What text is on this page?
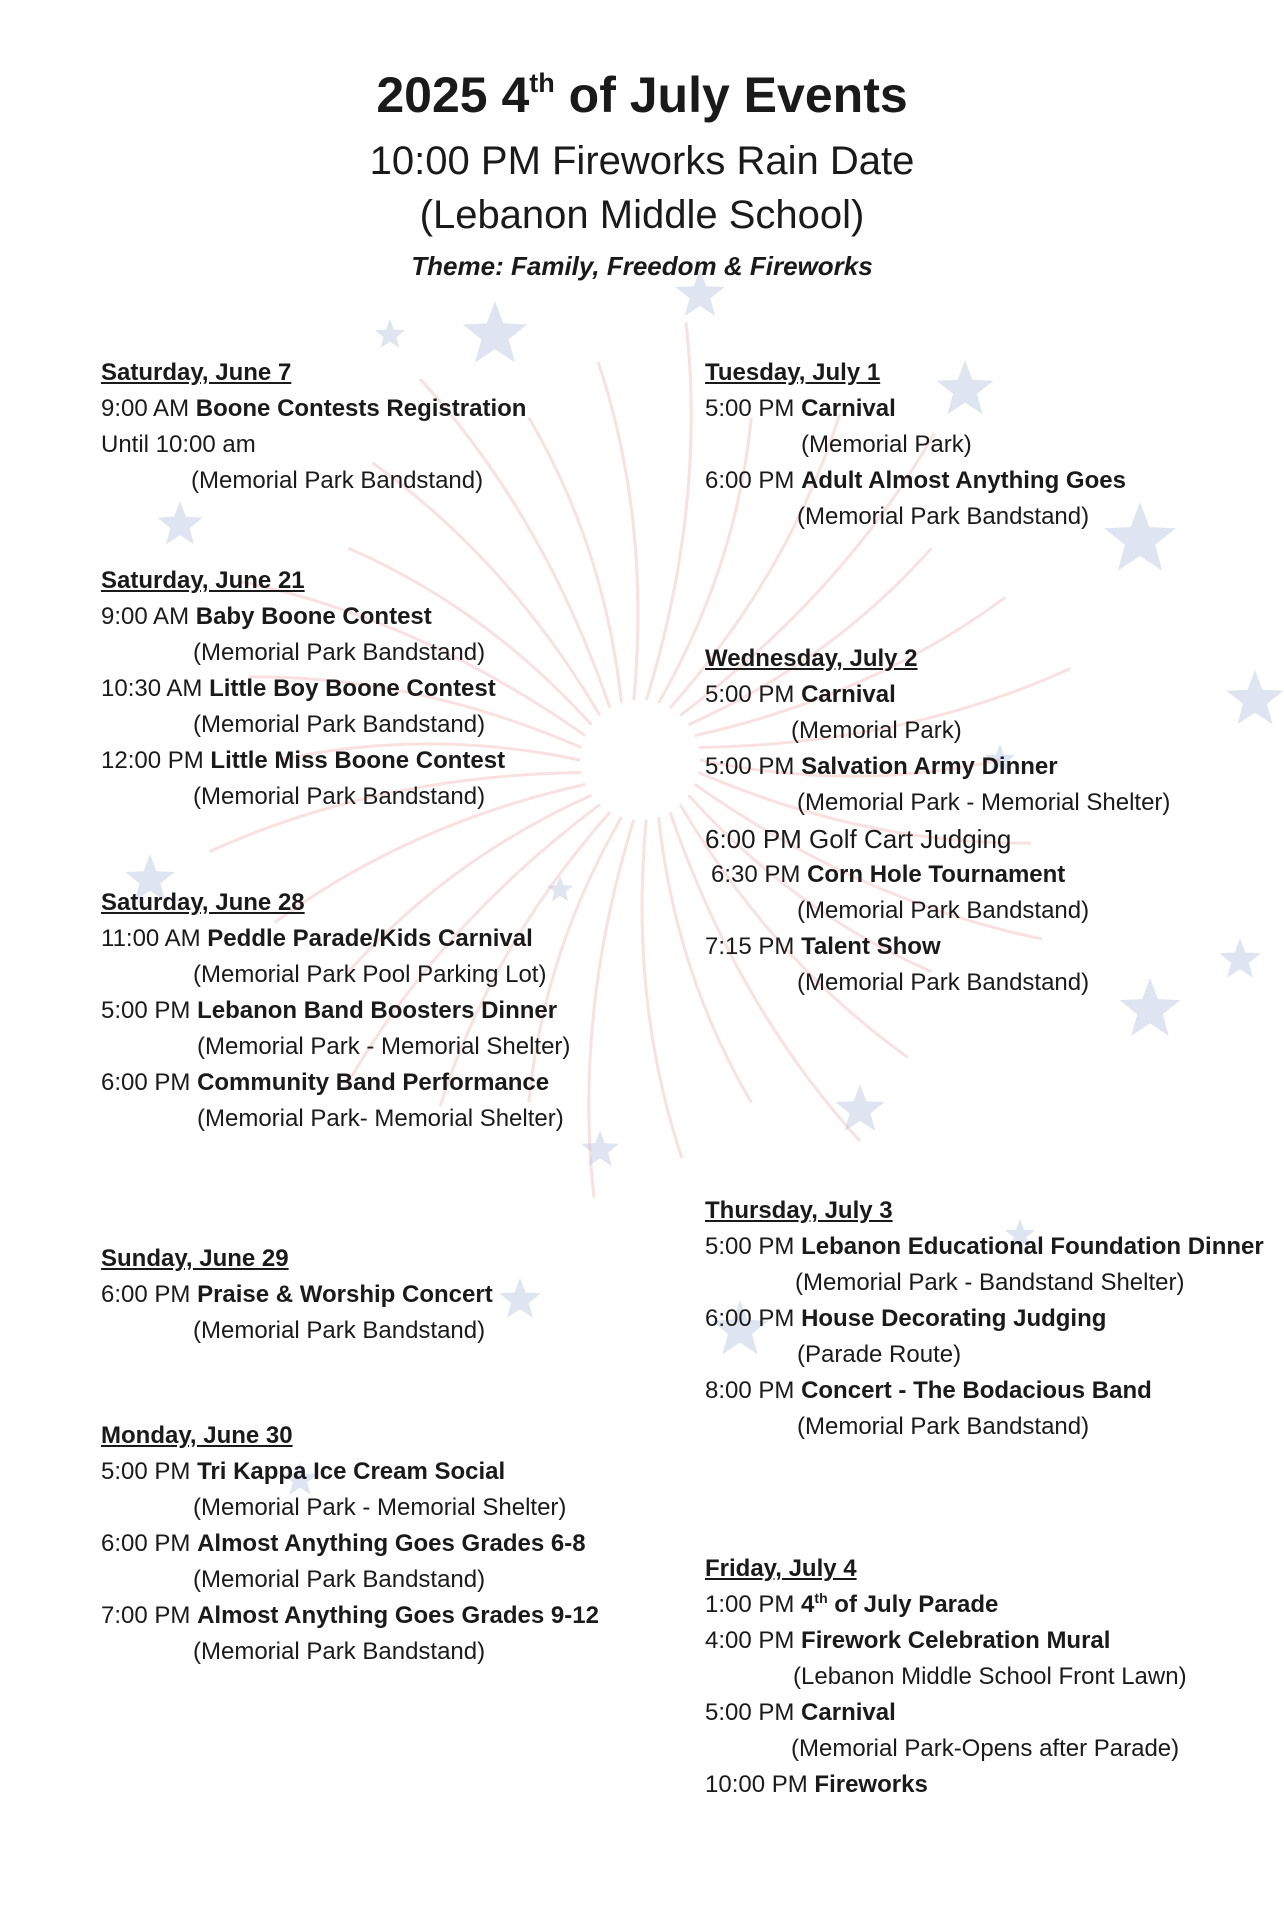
2025 4th of July Events
10:00 PM Fireworks Rain Date
(Lebanon Middle School)
Theme: Family, Freedom & Fireworks
Saturday, June 7
9:00 AM Boone Contests Registration
Until 10:00 am
(Memorial Park Bandstand)
Saturday, June 21
9:00 AM Baby Boone Contest
(Memorial Park Bandstand)
10:30 AM Little Boy Boone Contest
(Memorial Park Bandstand)
12:00 PM Little Miss Boone Contest
(Memorial Park Bandstand)
Saturday, June 28
11:00 AM Peddle Parade/Kids Carnival
(Memorial Park Pool Parking Lot)
5:00 PM Lebanon Band Boosters Dinner
(Memorial Park - Memorial Shelter)
6:00 PM Community Band Performance
(Memorial Park- Memorial Shelter)
Sunday, June 29
6:00 PM Praise & Worship Concert
(Memorial Park Bandstand)
Monday, June 30
5:00 PM Tri Kappa Ice Cream Social
(Memorial Park - Memorial Shelter)
6:00 PM Almost Anything Goes Grades 6-8
(Memorial Park Bandstand)
7:00 PM Almost Anything Goes Grades 9-12
(Memorial Park Bandstand)
Tuesday, July 1
5:00 PM Carnival
(Memorial Park)
6:00 PM Adult Almost Anything Goes
(Memorial Park Bandstand)
Wednesday, July 2
5:00 PM Carnival
(Memorial Park)
5:00 PM Salvation Army Dinner
(Memorial Park - Memorial Shelter)
6:00 PM Golf Cart Judging
6:30 PM Corn Hole Tournament
(Memorial Park Bandstand)
7:15 PM Talent Show
(Memorial Park Bandstand)
Thursday, July 3
5:00 PM Lebanon Educational Foundation Dinner
(Memorial Park - Bandstand Shelter)
6:00 PM House Decorating Judging
(Parade Route)
8:00 PM Concert - The Bodacious Band
(Memorial Park Bandstand)
Friday, July 4
1:00 PM 4th of July Parade
4:00 PM Firework Celebration Mural
(Lebanon Middle School Front Lawn)
5:00 PM Carnival
(Memorial Park-Opens after Parade)
10:00 PM Fireworks
